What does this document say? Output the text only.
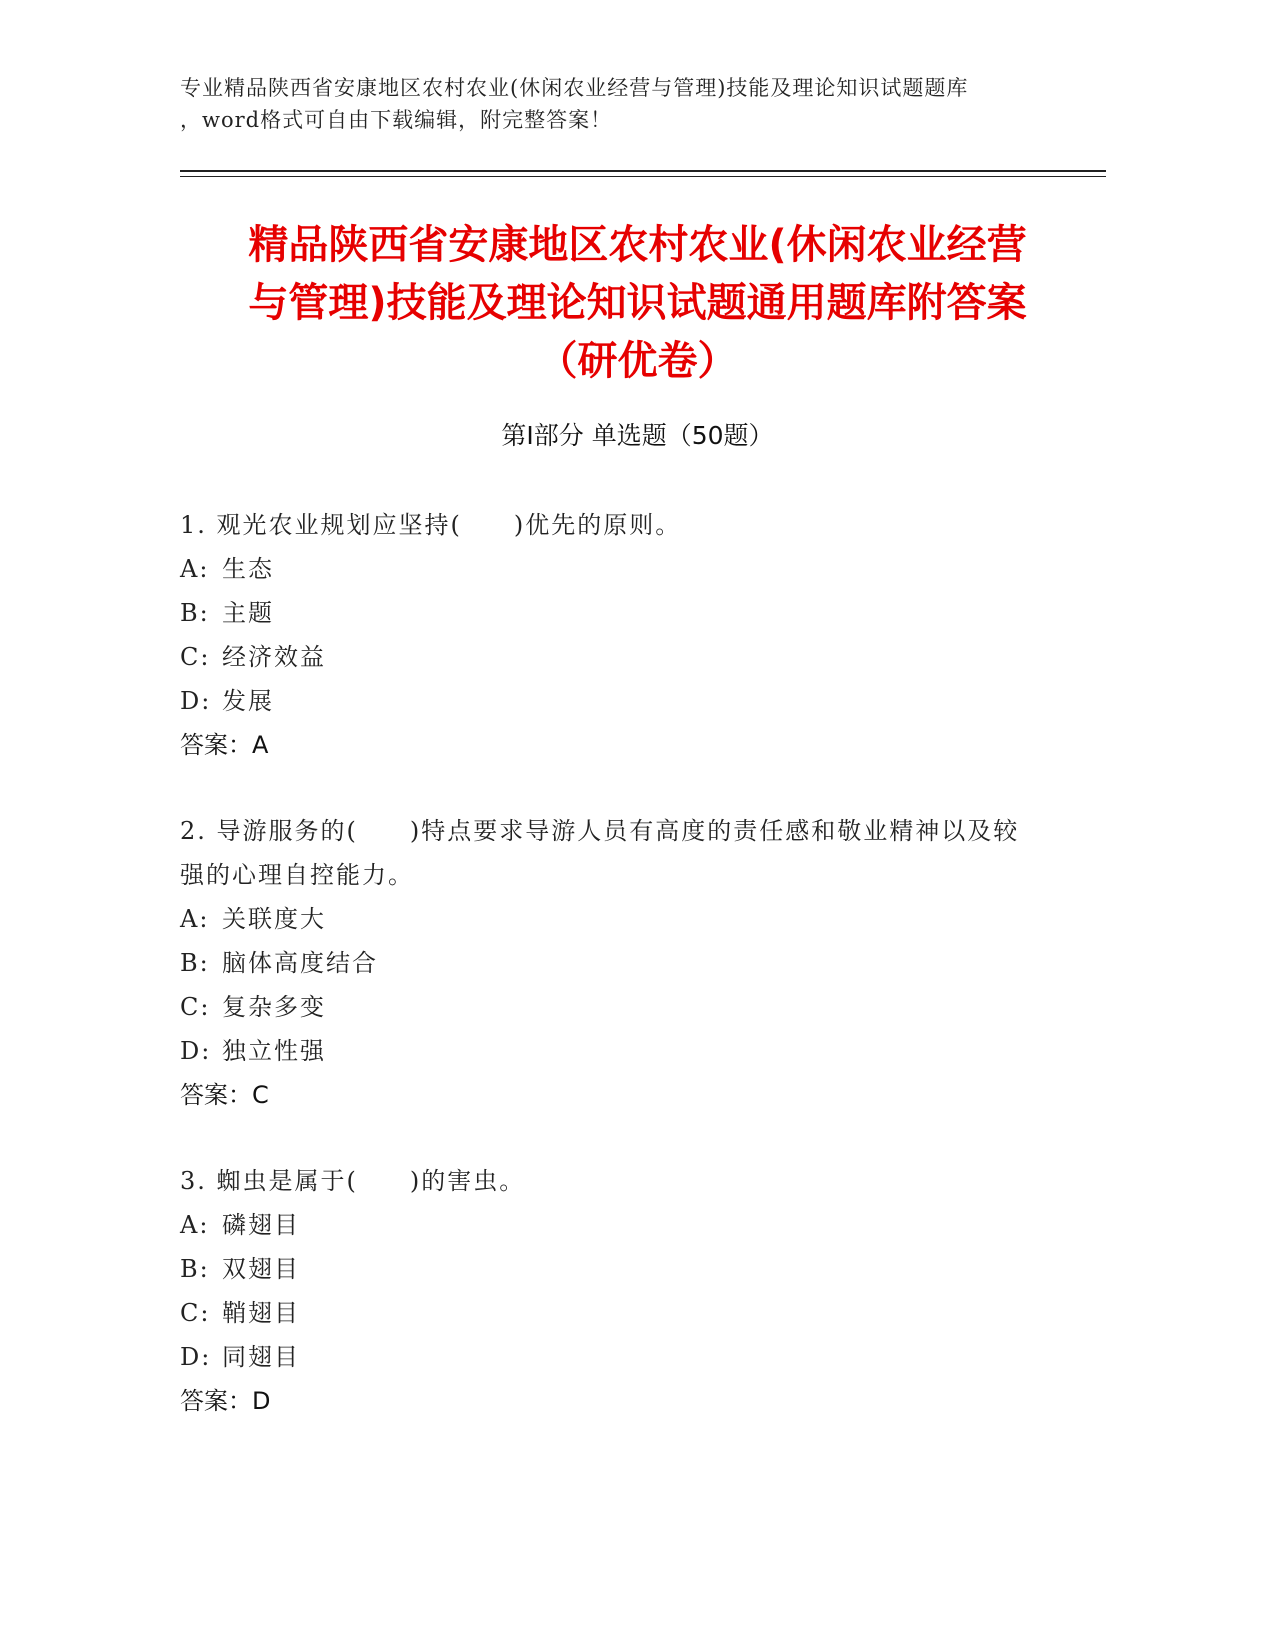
专业精品陕西省安康地区农村农业(休闲农业经营与管理)技能及理论知识试题题库
，word格式可自由下载编辑，附完整答案！
精品陕西省安康地区农村农业(休闲农业经营
与管理)技能及理论知识试题通用题库附答案
（研优卷）
第Ⅰ部分 单选题（50题）
1. 观光农业规划应坚持(　　)优先的原则。
A: 生态
B: 主题
C: 经济效益
D: 发展
答案：A
2. 导游服务的(　　)特点要求导游人员有高度的责任感和敬业精神以及较强的心理自控能力。
A: 关联度大
B: 脑体高度结合
C: 复杂多变
D: 独立性强
答案：C
3. 蜘虫是属于(　　)的害虫。
A: 磷翅目
B: 双翅目
C: 鞘翅目
D: 同翅目
答案：D
